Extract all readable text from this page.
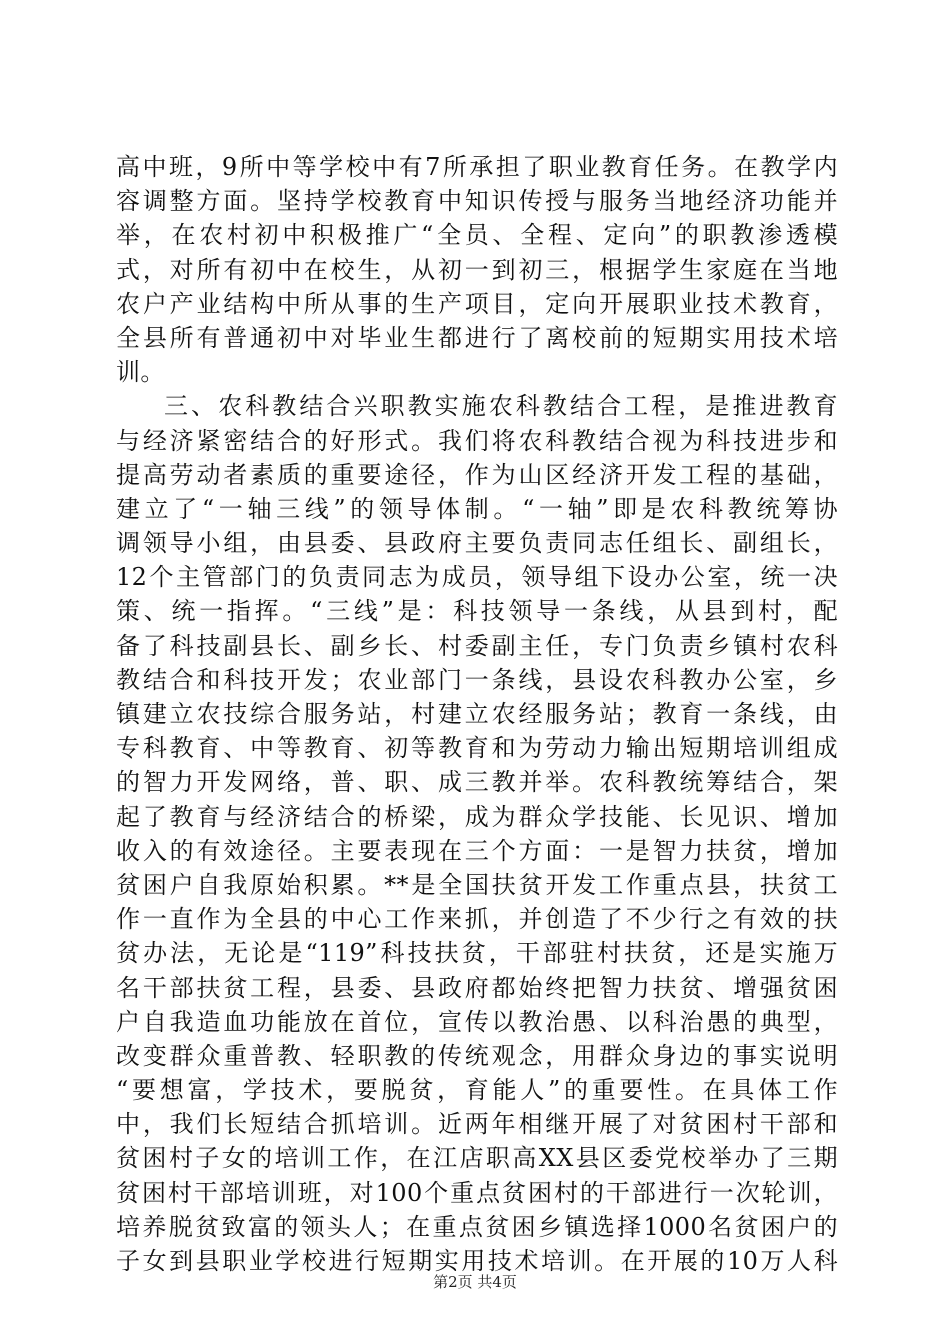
高中班，9所中等学校中有7所承担了职业教育任务。在教学内
容调整方面。坚持学校教育中知识传授与服务当地经济功能并
举，在农村初中积极推广“全员、全程、定向”的职教渗透模
式，对所有初中在校生，从初一到初三，根据学生家庭在当地
农户产业结构中所从事的生产项目，定向开展职业技术教育，
全县所有普通初中对毕业生都进行了离校前的短期实用技术培
训。
三、农科教结合兴职教实施农科教结合工程，是推进教育
与经济紧密结合的好形式。我们将农科教结合视为科技进步和
提高劳动者素质的重要途径，作为山区经济开发工程的基础，
建立了“一轴三线”的领导体制。“一轴”即是农科教统筹协
调领导小组，由县委、县政府主要负责同志任组长、副组长，
12个主管部门的负责同志为成员，领导组下设办公室，统一决
策、统一指挥。“三线”是：科技领导一条线，从县到村，配
备了科技副县长、副乡长、村委副主任，专门负责乡镇村农科
教结合和科技开发；农业部门一条线，县设农科教办公室，乡
镇建立农技综合服务站，村建立农经服务站；教育一条线，由
专科教育、中等教育、初等教育和为劳动力输出短期培训组成
的智力开发网络，普、职、成三教并举。农科教统筹结合，架
起了教育与经济结合的桥梁，成为群众学技能、长见识、增加
收入的有效途径。主要表现在三个方面：一是智力扶贫，增加
贫困户自我原始积累。**是全国扶贫开发工作重点县，扶贫工
作一直作为全县的中心工作来抓，并创造了不少行之有效的扶
贫办法，无论是“119”科技扶贫，干部驻村扶贫，还是实施万
名干部扶贫工程，县委、县政府都始终把智力扶贫、增强贫困
户自我造血功能放在首位，宣传以教治愚、以科治愚的典型，
改变群众重普教、轻职教的传统观念，用群众身边的事实说明
“要想富，学技术，要脱贫，育能人”的重要性。在具体工作
中，我们长短结合抓培训。近两年相继开展了对贫困村干部和
贫困村子女的培训工作，在江店职高XX县区委党校举办了三期
贫困村干部培训班，对100个重点贫困村的干部进行一次轮训，
培养脱贫致富的领头人；在重点贫困乡镇选择1000名贫困户的
子女到县职业学校进行短期实用技术培训。在开展的10万人科
第2页 共4页
